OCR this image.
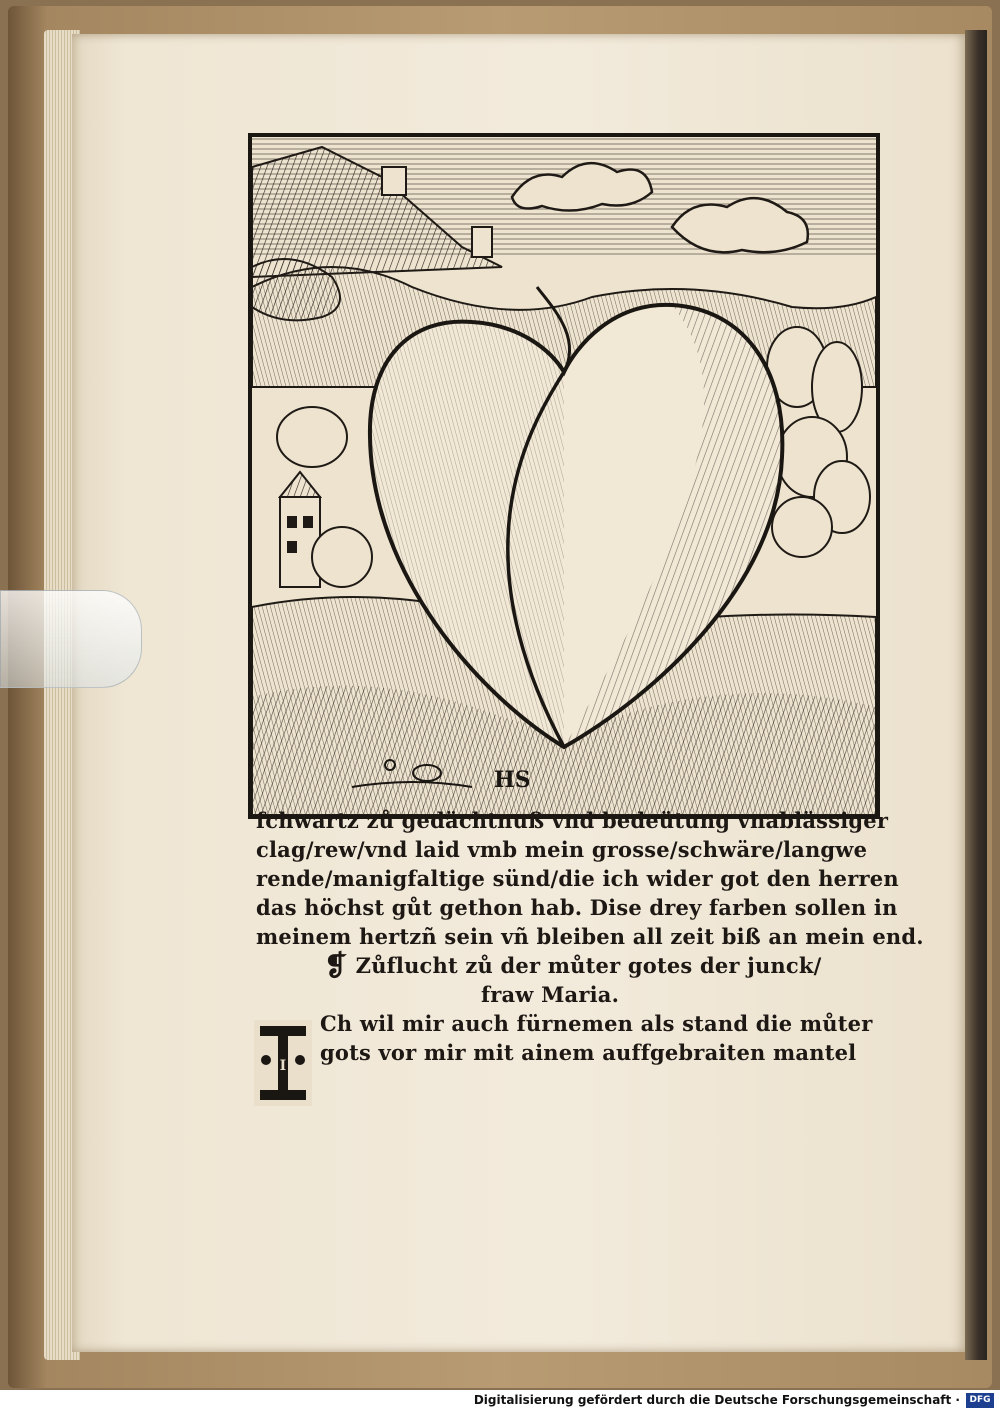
HS
ſchwartz zů gedächtnuß vnd bedeütung vnablässiger
clag/rew/vnd laid vmb mein grosse/schwäre/langwe
rende/manigfaltige sünd/die ich wider got den herren
das höchst gůt gethon hab. Dise drey farben sollen in
meinem hertzñ sein vñ bleiben all zeit biß an mein end.
❡ Zůflucht zů der můter gotes der junck/
fraw Maria.
Ch wil mir auch fürnemen als stand die můter
gots vor mir mit ainem auffgebraiten mantel
I
Digitalisierung gefördert durch die Deutsche Forschungsgemeinschaft ·	DFG
